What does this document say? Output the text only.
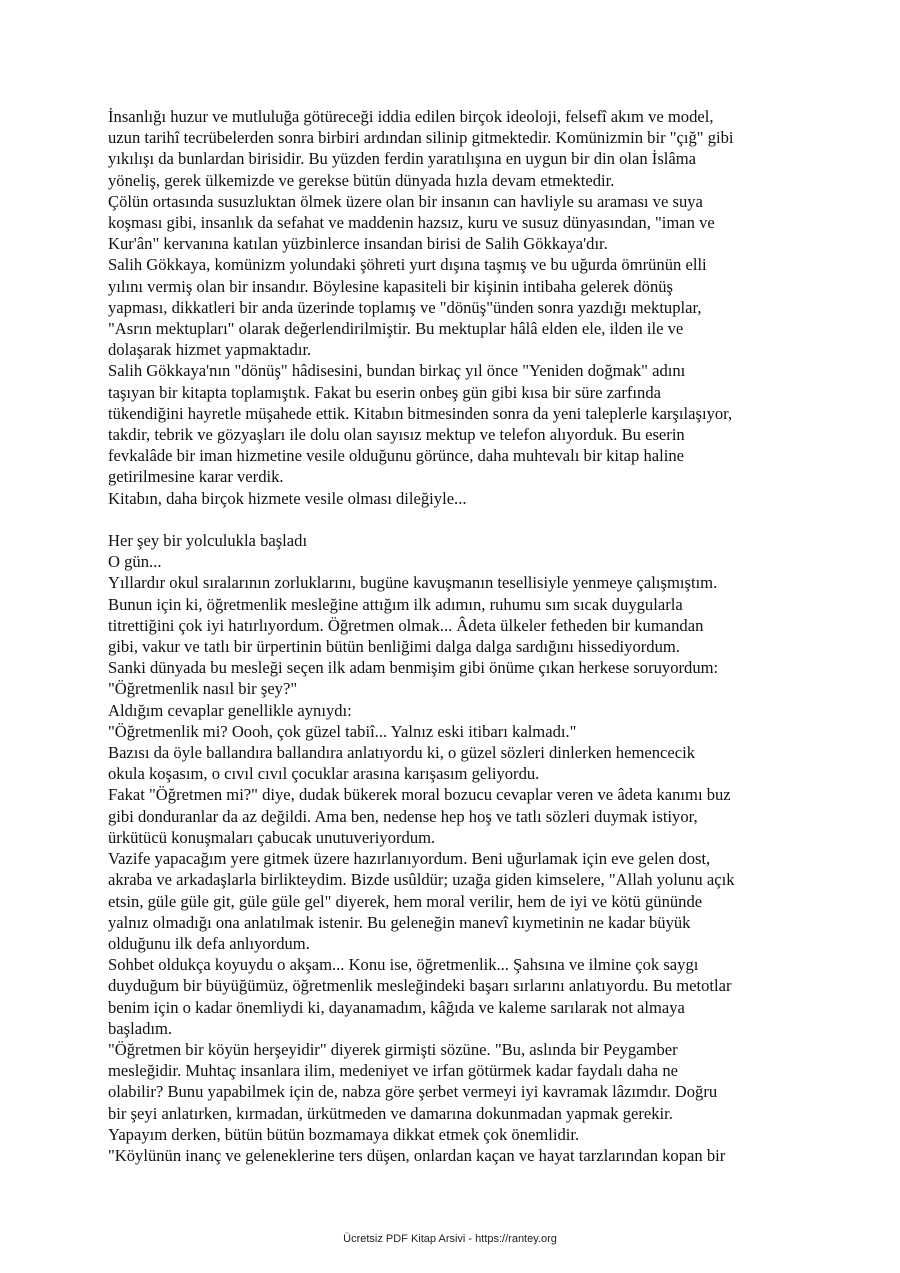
İnsanlığı huzur ve mutluluğa götüreceği iddia edilen birçok ideoloji, felsefî akım ve model,

uzun tarihî tecrübelerden sonra birbiri ardından silinip gitmektedir. Komünizmin bir "çığ" gibi

yıkılışı da bunlardan birisidir. Bu yüzden ferdin yaratılışına en uygun bir din olan İslâma

yöneliş, gerek ülkemizde ve gerekse bütün dünyada hızla devam etmektedir.

Çölün ortasında susuzluktan ölmek üzere olan bir insanın can havliyle su araması ve suya

koşması gibi, insanlık da sefahat ve maddenin hazsız, kuru ve susuz dünyasından, "iman ve

Kur'ân" kervanına katılan yüzbinlerce insandan birisi de Salih Gökkaya'dır.

Salih Gökkaya, komünizm yolundaki şöhreti yurt dışına taşmış ve bu uğurda ömrünün elli

yılını vermiş olan bir insandır. Böylesine kapasiteli bir kişinin intibaha gelerek dönüş

yapması, dikkatleri bir anda üzerinde toplamış ve "dönüş"ünden sonra yazdığı mektuplar,

"Asrın mektupları" olarak değerlendirilmiştir. Bu mektuplar hâlâ elden ele, ilden ile ve

dolaşarak hizmet yapmaktadır.

Salih Gökkaya'nın "dönüş" hâdisesini, bundan birkaç yıl önce "Yeniden doğmak" adını

taşıyan bir kitapta toplamıştık. Fakat bu eserin onbeş gün gibi kısa bir süre zarfında

tükendiğini hayretle müşahede ettik. Kitabın bitmesinden sonra da yeni taleplerle karşılaşıyor,

takdir, tebrik ve gözyaşları ile dolu olan sayısız mektup ve telefon alıyorduk. Bu eserin

fevkalâde bir iman hizmetine vesile olduğunu görünce, daha muhtevalı bir kitap haline

getirilmesine karar verdik.

Kitabın, daha birçok hizmete vesile olması dileğiyle...

Her şey bir yolculukla başladı

O gün...

Yıllardır okul sıralarının zorluklarını, bugüne kavuşmanın tesellisiyle yenmeye çalışmıştım.

Bunun için ki, öğretmenlik mesleğine attığım ilk adımın, ruhumu sım sıcak duygularla

titrettiğini çok iyi hatırlıyordum. Öğretmen olmak... Âdeta ülkeler fetheden bir kumandan

gibi, vakur ve tatlı bir ürpertinin bütün benliğimi dalga dalga sardığını hissediyordum.

Sanki dünyada bu mesleği seçen ilk adam benmişim gibi önüme çıkan herkese soruyordum:

"Öğretmenlik nasıl bir şey?"

Aldığım cevaplar genellikle aynıydı:

"Öğretmenlik mi? Oooh, çok güzel tabiî... Yalnız eski itibarı kalmadı."

Bazısı da öyle ballandıra ballandıra anlatıyordu ki, o güzel sözleri dinlerken hemencecik

okula koşasım, o cıvıl cıvıl çocuklar arasına karışasım geliyordu.

Fakat "Öğretmen mi?" diye, dudak bükerek moral bozucu cevaplar veren ve âdeta kanımı buz

gibi donduranlar da az değildi. Ama ben, nedense hep hoş ve tatlı sözleri duymak istiyor,

ürkütücü konuşmaları çabucak unutuveriyordum.

Vazife yapacağım yere gitmek üzere hazırlanıyordum. Beni uğurlamak için eve gelen dost,

akraba ve arkadaşlarla birlikteydim. Bizde usûldür; uzağa giden kimselere, "Allah yolunu açık

etsin, güle güle git, güle güle gel" diyerek, hem moral verilir, hem de iyi ve kötü gününde

yalnız olmadığı ona anlatılmak istenir. Bu geleneğin manevî kıymetinin ne kadar büyük

olduğunu ilk defa anlıyordum.

Sohbet oldukça koyuydu o akşam... Konu ise, öğretmenlik... Şahsına ve ilmine çok saygı

duyduğum bir büyüğümüz, öğretmenlik mesleğindeki başarı sırlarını anlatıyordu. Bu metotlar

benim için o kadar önemliydi ki, dayanamadım, kâğıda ve kaleme sarılarak not almaya

başladım.

"Öğretmen bir köyün herşeyidir" diyerek girmişti sözüne. "Bu, aslında bir Peygamber

mesleğidir. Muhtaç insanlara ilim, medeniyet ve irfan götürmek kadar faydalı daha ne

olabilir? Bunu yapabilmek için de, nabza göre şerbet vermeyi iyi kavramak lâzımdır. Doğru

bir şeyi anlatırken, kırmadan, ürkütmeden ve damarına dokunmadan yapmak gerekir.

Yapayım derken, bütün bütün bozmamaya dikkat etmek çok önemlidir.

"Köylünün inanç ve geleneklerine ters düşen, onlardan kaçan ve hayat tarzlarından kopan bir

Ücretsiz PDF Kitap Arsivi - https://rantey.org
